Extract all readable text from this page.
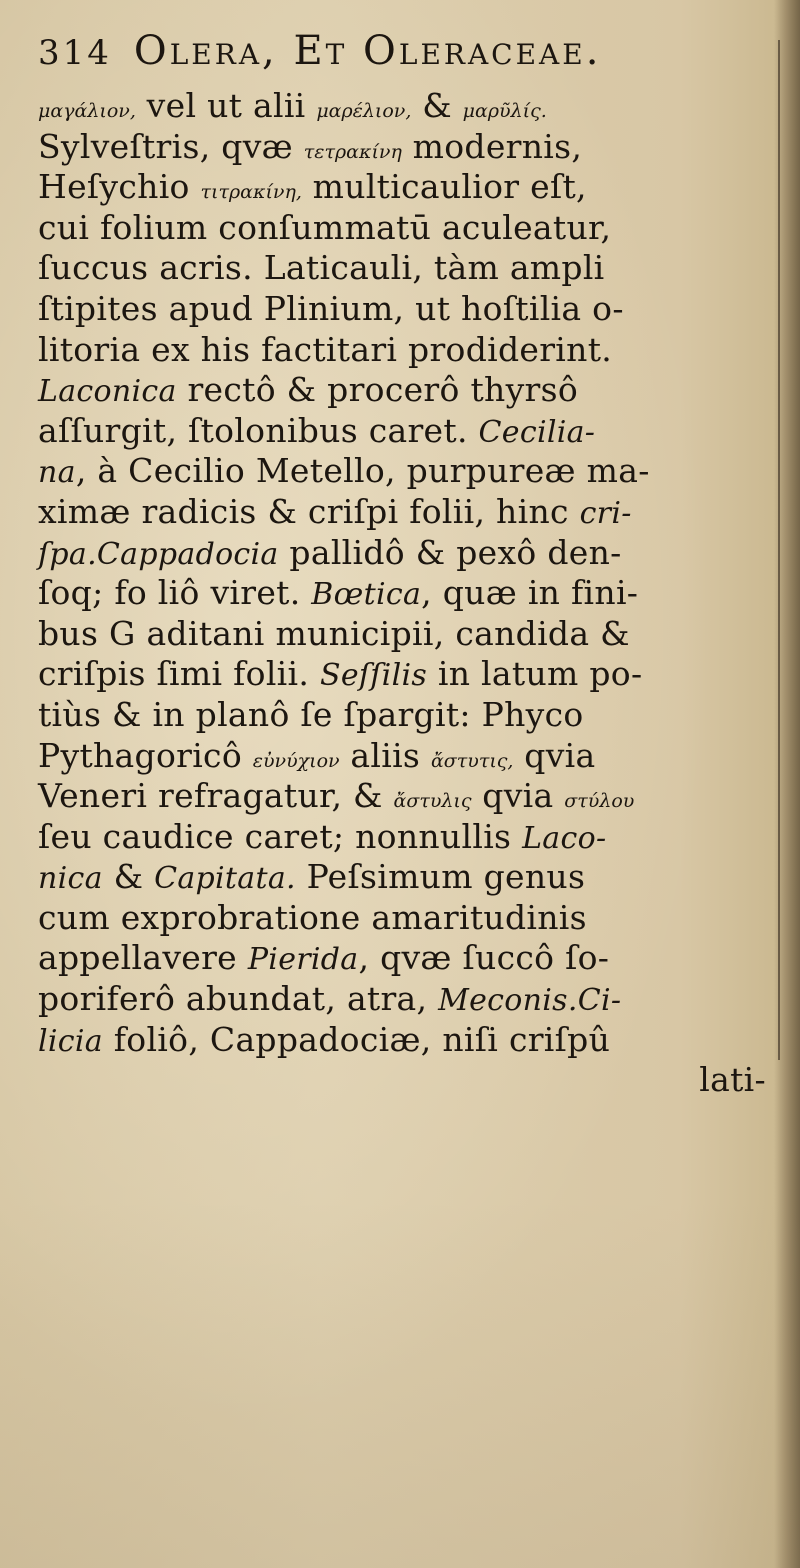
314 Olera, Et Oleraceae.
μαγάλιον, vel ut alii μαρέλιον, & μαρῦλίς.
Sylveſtris, qvæ τετρακίνη modernis,
Heſychio τιτρακίνη, multicaulior eſt,
cui folium conſummatū aculeatur,
ſuccus acris. Laticauli, tàm ampli
ſtipites apud Plinium, ut hoſtilia o-
litoria ex his factitari prodiderint.
Laconica rectô & procerô thyrsô
aſſurgit, ſtolonibus caret. Cecilia-
na, à Cecilio Metello, purpureæ ma-
ximæ radicis & criſpi folii, hinc cri-
ſpa.Cappadocia pallidô & pexô den-
ſoq; fo liô viret. Bœtica, quæ in fini-
bus G aditani municipii, candida &
criſpis ſimi folii. Seſſilis in latum po-
tiùs & in planô ſe ſpargit: Phyco
Pythagoricô εὐνύχιον aliis ἄστυτις, qvia
Veneri refragatur, & ἄστυλις qvia στύλου
ſeu caudice caret; nonnullis Laco-
nica & Capitata. Peſsimum genus
cum exprobratione amaritudinis
appellavere Pierida, qvæ ſuccô ſo-
poriferô abundat, atra, Meconis.Ci-
licia foliô, Cappadociæ, niſi criſpû
lati-
